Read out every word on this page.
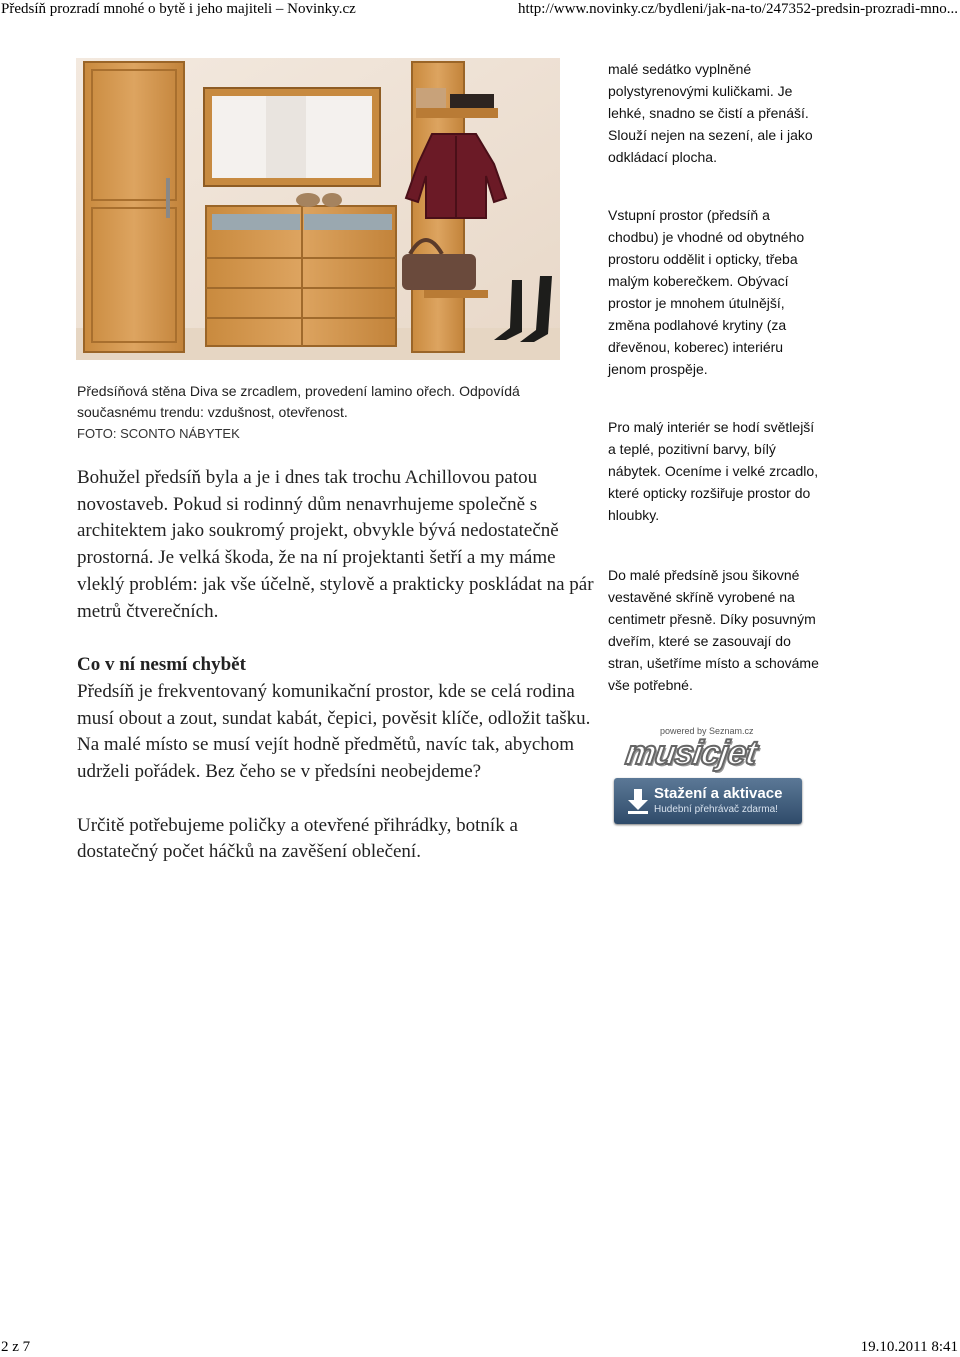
Předsíň prozradí mnohé o bytě i jeho majiteli – Novinky.cz	http://www.novinky.cz/bydleni/jak-na-to/247352-predsin-prozradi-mno...
Předsíňová stěna Diva se zrcadlem, provedení lamino ořech. Odpovídá současnému trendu: vzdušnost, otevřenost.
FOTO: SCONTO NÁBYTEK

Bohužel předsíň byla a je i dnes tak trochu Achillovou patou novostaveb. Pokud si rodinný dům nenavrhujeme společně s architektem jako soukromý projekt, obvykle bývá nedostatečně prostorná. Je velká škoda, že na ní projektanti šetří a my máme vleklý problém: jak vše účelně, stylově a prakticky poskládat na pár metrů čtverečních.

Co v ní nesmí chybět

Předsíň je frekventovaný komunikační prostor, kde se celá rodina musí obout a zout, sundat kabát, čepici, pověsit klíče, odložit tašku. Na malé místo se musí vejít hodně předmětů, navíc tak, abychom udrželi pořádek. Bez čeho se v předsíni neobejdeme?

Určitě potřebujeme poličky a otevřené přihrádky, botník a dostatečný počet háčků na zavěšení oblečení.

malé sedátko vyplněné polystyrenovými kuličkami. Je lehké, snadno se čistí a přenáší. Slouží nejen na sezení, ale i jako odkládací plocha.

Vstupní prostor (předsíň a chodbu) je vhodné od obytného prostoru oddělit i opticky, třeba malým koberečkem. Obývací prostor je mnohem útulnější, změna podlahové krytiny (za dřevěnou, koberec) interiéru jenom prospěje.

Pro malý interiér se hodí světlejší a teplé, pozitivní barvy, bílý nábytek. Oceníme i velké zrcadlo, které opticky rozšiřuje prostor do hloubky.

Do malé předsíně jsou šikovné vestavěné skříně vyrobené na centimetr přesně. Díky posuvným dveřím, které se zasouvají do stran, ušetříme místo a schováme vše potřebné.

powered by Seznam.cz
musicjet
Stažení a aktivace
Hudební přehrávač zdarma!
2 z 7	19.10.2011 8:41
